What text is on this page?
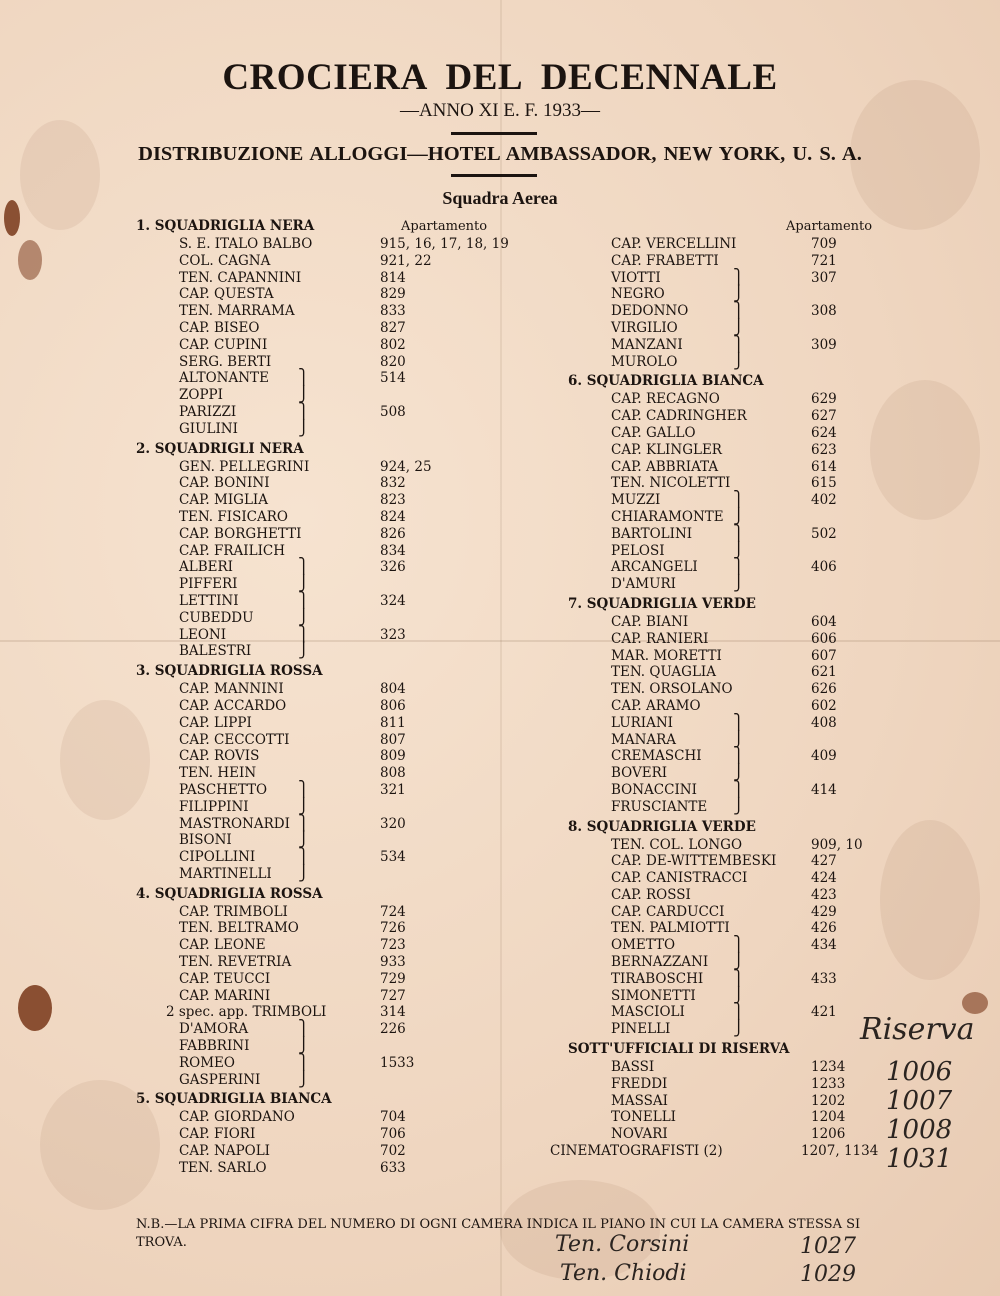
CROCIERA DEL DECENNALE
—ANNO XI E. F. 1933—
DISTRIBUZIONE ALLOGGI—HOTEL AMBASSADOR, NEW YORK, U. S. A.
Squadra Aerea
Apartamento	Apartamento
1. SQUADRIGLIA NERA
S. E. ITALO BALBO	915, 16, 17, 18, 19
COL. CAGNA	921, 22
TEN. CAPANNINI	814
CAP. QUESTA	829
TEN. MARRAMA	833
CAP. BISEO	827
CAP. CUPINI	802
SERG. BERTI	820
ALTONANTE ⎫	514
ZOPPI	⎭
PARIZZI	⎫	508
GIULINI	⎭
2. SQUADRIGLI NERA
GEN. PELLEGRINI	924, 25
CAP. BONINI	832
CAP. MIGLIA	823
TEN. FISICARO	824
CAP. BORGHETTI	826
CAP. FRAILICH	834
ALBERI	⎫	326
PIFFERI	⎭
LETTINI	⎫	324
CUBEDDU	⎭
LEONI	⎫	323
BALESTRI	⎭
3. SQUADRIGLIA ROSSA
CAP. MANNINI	804
CAP. ACCARDO	806
CAP. LIPPI	811
CAP. CECCOTTI	807
CAP. ROVIS	809
TEN. HEIN	808
PASCHETTO ⎫	321
FILIPPINI	⎭
MASTRONARDI ⎫	320
BISONI	⎭
CIPOLLINI	⎫	534
MARTINELLI ⎭
4. SQUADRIGLIA ROSSA
CAP. TRIMBOLI	724
TEN. BELTRAMO	726
CAP. LEONE	723
TEN. REVETRIA	933
CAP. TEUCCI	729
CAP. MARINI	727
2 spec. app. TRIMBOLI	314
D'AMORA	⎫	226
FABBRINI	⎭
ROMEO	⎫	1533
GASPERINI	⎭
5. SQUADRIGLIA BIANCA
CAP. GIORDANO	704
CAP. FIORI	706
CAP. NAPOLI	702
TEN. SARLO	633
CAP. VERCELLINI	709
CAP. FRABETTI	721
VIOTTI	⎫	307
NEGRO	⎭
DEDONNO	⎫	308
VIRGILIO	⎭
MANZANI	⎫	309
MUROLO	⎭
6. SQUADRIGLIA BIANCA
CAP. RECAGNO	629
CAP. CADRINGHER	627
CAP. GALLO	624
CAP. KLINGLER	623
CAP. ABBRIATA	614
TEN. NICOLETTI	615
MUZZI	⎫	402
CHIARAMONTE ⎭
BARTOLINI	⎫	502
PELOSI	⎭
ARCANGELI ⎫	406
D'AMURI	⎭
7. SQUADRIGLIA VERDE
CAP. BIANI	604
CAP. RANIERI	606
MAR. MORETTI	607
TEN. QUAGLIA	621
TEN. ORSOLANO	626
CAP. ARAMO	602
LURIANI	⎫	408
MANARA	⎭
CREMASCHI ⎫	409
BOVERI	⎭
BONACCINI ⎫	414
FRUSCIANTE ⎭
8. SQUADRIGLIA VERDE
TEN. COL. LONGO	909, 10
CAP. DE-WITTEMBESKI	427
CAP. CANISTRACCI	424
CAP. ROSSI	423
CAP. CARDUCCI	429
TEN. PALMIOTTI	426
OMETTO	⎫	434
BERNAZZANI ⎭
TIRABOSCHI ⎫	433
SIMONETTI ⎭
MASCIOLI	⎫	421
PINELLI	⎭
SOTT'UFFICIALI DI RISERVA
BASSI	1234
FREDDI	1233
MASSAI	1202
TONELLI	1204
NOVARI	1206
CINEMATOGRAFISTI (2)	1207, 1134
N.B.—LA PRIMA CIFRA DEL NUMERO DI OGNI CAMERA INDICA IL PIANO IN CUI LA CAMERA STESSA SI TROVA.
Riserva
1006
1007
1008
1031
Ten. Corsini	1027
Ten. Chiodi	1029
